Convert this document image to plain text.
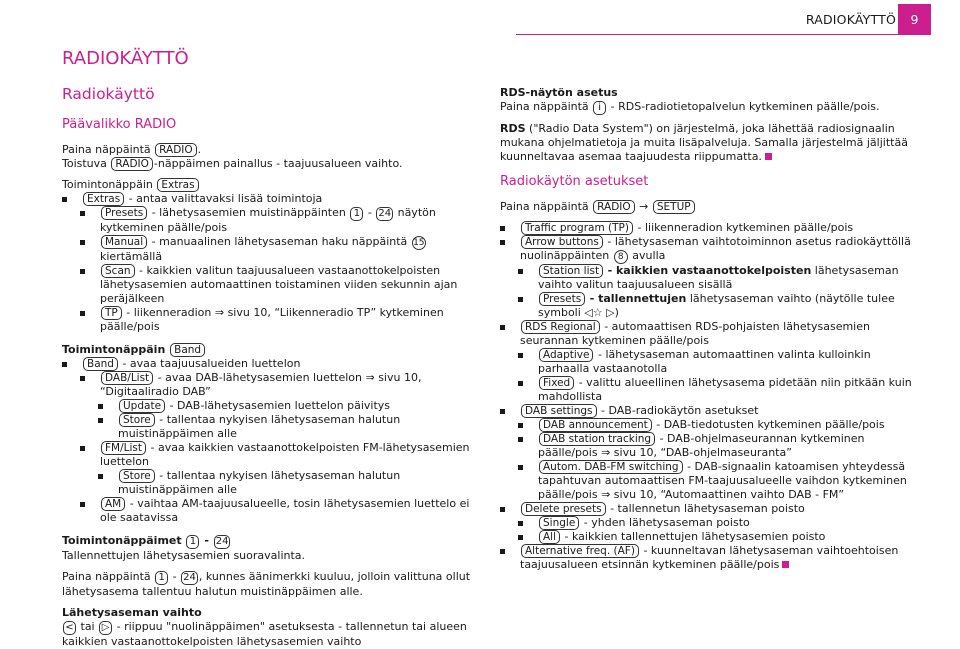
RADIOKÄYTTÖ	9
RADIOKÄYTTÖ
Radiokäyttö
Päävalikko RADIO

Paina näppäintä RADIO .

Toistuva RADIO -näppäimen painallus - taajuusalueen vaihto.

Toimintonäppäin Extras

Extras - antaa valittavaksi lisää toimintoja

Presets - lähetysasemien muistinäppäinten 1 - 24 näytön kytkeminen päälle/pois

Manual - manuaalinen lähetysaseman haku näppäintä 15 kiertämällä

Scan - kaikkien valitun taajuusalueen vastaanottokelpoisten lähetysasemien automaattinen toistaminen viiden sekunnin ajan peräjälkeen

TP - liikenneradion ⇒ sivu 10, “Liikenneradio TP” kytkeminen päälle/pois

Toimintonäppäin Band

Band - avaa taajuusalueiden luettelon

DAB/List - avaa DAB-lähetysasemien luettelon ⇒ sivu 10, “Digitaaliradio DAB”

Update - DAB-lähetysasemien luettelon päivitys

Store - tallentaa nykyisen lähetysaseman halutun muistinäppäimen alle

FM/List - avaa kaikkien vastaanottokelpoisten FM-lähetysasemien luettelon

Store - tallentaa nykyisen lähetysaseman halutun muistinäppäimen alle

AM - vaihtaa AM-taajuusalueelle, tosin lähetysasemien luettelo ei ole saatavissa

Toimintonäppäimet 1 - 24

Tallennettujen lähetysasemien suoravalinta.

Paina näppäintä 1 - 24 , kunnes äänimerkki kuuluu, jolloin valittuna ollut lähetysasema tallentuu halutun muistinäppäimen alle.

Lähetysaseman vaihto

< tai ▷ - riippuu "nuolinäppäimen" asetuksesta - tallennetun tai alueen kaikkien vastaanottokelpoisten lähetysasemien vaihto

RDS-näytön asetus

Paina näppäintä i - RDS-radiotietopalvelun kytkeminen päälle/pois.

RDS ("Radio Data System") on järjestelmä, joka lähettää radiosignaalin mukana ohjelmatietoja ja muita lisäpalveluja. Samalla järjestelmä jäljittää kuunneltavaa asemaa taajuudesta riippumatta.

Radiokäytön asetukset

Paina näppäintä RADIO → SETUP

Traffic program (TP) - liikenneradion kytkeminen päälle/pois

Arrow buttons - lähetysaseman vaihtotoiminnon asetus radiokäyttöllä nuolinäppäinten 8 avulla

Station list - kaikkien vastaanottokelpoisten lähetysaseman vaihto valitun taajuusalueen sisällä

Presets - tallennettujen lähetysaseman vaihto (näytölle tulee symboli ◁☆ ▷)

RDS Regional - automaattisen RDS-pohjaisten lähetysasemien seurannan kytkeminen päälle/pois

Adaptive - lähetysaseman automaattinen valinta kulloinkin parhaalla vastaanotolla

Fixed - valittu alueellinen lähetysasema pidetään niin pitkään kuin mahdollista

DAB settings - DAB-radiokäytön asetukset

DAB announcement - DAB-tiedotusten kytkeminen päälle/pois

DAB station tracking - DAB-ohjelmaseurannan kytkeminen päälle/pois ⇒ sivu 10, “DAB-ohjelmaseuranta”

Autom. DAB-FM switching - DAB-signaalin katoamisen yhteydessä tapahtuvan automaattisen FM-taajuusalueelle vaihdon kytkeminen päälle/pois ⇒ sivu 10, “Automaattinen vaihto DAB - FM”

Delete presets - tallennetun lähetysaseman poisto

Single - yhden lähetysaseman poisto

All - kaikkien tallennettujen lähetysasemien poisto

Alternative freq. (AF) - kuunneltavan lähetysaseman vaihtoehtoisen taajuusalueen etsinnän kytkeminen päälle/pois
